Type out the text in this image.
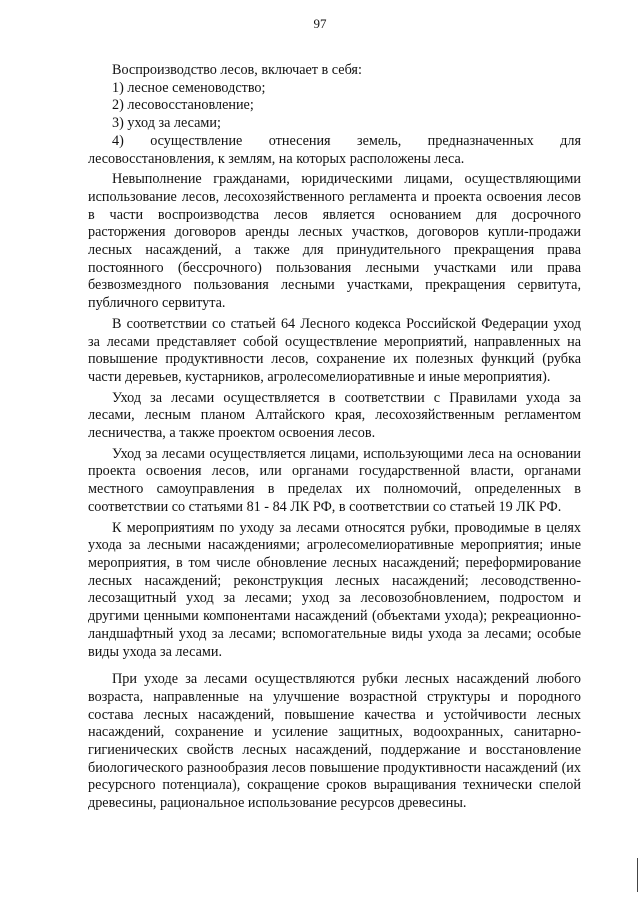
97

Воспроизводство лесов, включает в себя:

1) лесное семеноводство;

2) лесовосстановление;

3) уход за лесами;

4) осуществление отнесения земель, предназначенных для лесовосстановления, к землям, на которых расположены леса.

Невыполнение гражданами, юридическими лицами, осуществляющими использование лесов, лесохозяйственного регламента и проекта освоения лесов в части воспроизводства лесов является основанием для досрочного расторжения договоров аренды лесных участков, договоров купли-продажи лесных насаждений, а также для принудительного прекращения права постоянного (бессрочного) пользования лесными участками или права безвозмездного пользования лесными участками, прекращения сервитута, публичного сервитута.

В соответствии со статьей 64 Лесного кодекса Российской Федерации уход за лесами представляет собой осуществление мероприятий, направленных на повышение продуктивности лесов, сохранение их полезных функций (рубка части деревьев, кустарников, агролесомелиоративные и иные мероприятия).

Уход за лесами осуществляется в соответствии с Правилами ухода за лесами, лесным планом Алтайского края, лесохозяйственным регламентом лесничества, а также проектом освоения лесов.

Уход за лесами осуществляется лицами, использующими леса на основании проекта освоения лесов, или органами государственной власти, органами местного самоуправления в пределах их полномочий, определенных в соответствии со статьями 81 - 84 ЛК РФ, в соответствии со статьей 19 ЛК РФ.

К мероприятиям по уходу за лесами относятся рубки, проводимые в целях ухода за лесными насаждениями; агролесомелиоративные мероприятия; иные мероприятия, в том числе обновление лесных насаждений; переформирование лесных насаждений; реконструкция лесных насаждений; лесоводственно-лесозащитный уход за лесами; уход за лесовозобновлением, подростом и другими ценными компонентами насаждений (объектами ухода); рекреационно-ландшафтный уход за лесами; вспомогательные виды ухода за лесами; особые виды ухода за лесами.

При уходе за лесами осуществляются рубки лесных насаждений любого возраста, направленные на улучшение возрастной структуры и породного состава лесных насаждений, повышение качества и устойчивости лесных насаждений, сохранение и усиление защитных, водоохранных, санитарно-гигиенических свойств лесных насаждений, поддержание и восстановление биологического разнообразия лесов повышение продуктивности насаждений (их ресурсного потенциала), сокращение сроков выращивания технически спелой древесины, рациональное использование ресурсов древесины.
